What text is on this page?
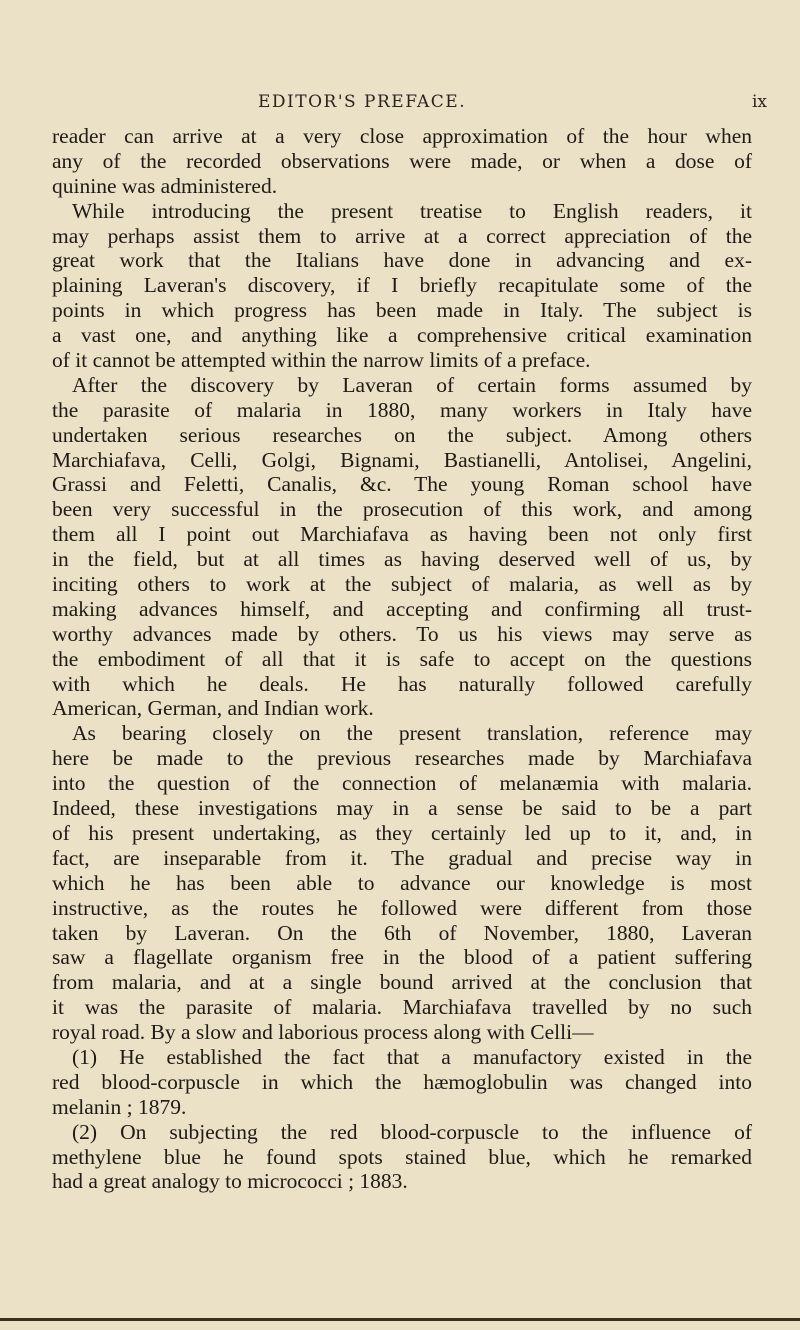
EDITOR'S PREFACE.	ix
reader can arrive at a very close approximation of the hour when
any of the recorded observations were made, or when a dose of
quinine was administered.
While introducing the present treatise to English readers, it
may perhaps assist them to arrive at a correct appreciation of the
great work that the Italians have done in advancing and ex-
plaining Laveran's discovery, if I briefly recapitulate some of the
points in which progress has been made in Italy. The subject is
a vast one, and anything like a comprehensive critical examination
of it cannot be attempted within the narrow limits of a preface.
After the discovery by Laveran of certain forms assumed by
the parasite of malaria in 1880, many workers in Italy have
undertaken serious researches on the subject. Among others
Marchiafava, Celli, Golgi, Bignami, Bastianelli, Antolisei, Angelini,
Grassi and Feletti, Canalis, &c. The young Roman school have
been very successful in the prosecution of this work, and among
them all I point out Marchiafava as having been not only first
in the field, but at all times as having deserved well of us, by
inciting others to work at the subject of malaria, as well as by
making advances himself, and accepting and confirming all trust-
worthy advances made by others. To us his views may serve as
the embodiment of all that it is safe to accept on the questions
with which he deals. He has naturally followed carefully
American, German, and Indian work.
As bearing closely on the present translation, reference may
here be made to the previous researches made by Marchiafava
into the question of the connection of melanæmia with malaria.
Indeed, these investigations may in a sense be said to be a part
of his present undertaking, as they certainly led up to it, and, in
fact, are inseparable from it. The gradual and precise way in
which he has been able to advance our knowledge is most
instructive, as the routes he followed were different from those
taken by Laveran. On the 6th of November, 1880, Laveran
saw a flagellate organism free in the blood of a patient suffering
from malaria, and at a single bound arrived at the conclusion that
it was the parasite of malaria. Marchiafava travelled by no such
royal road. By a slow and laborious process along with Celli—
(1) He established the fact that a manufactory existed in the
red blood-corpuscle in which the hæmoglobulin was changed into
melanin ; 1879.
(2) On subjecting the red blood-corpuscle to the influence of
methylene blue he found spots stained blue, which he remarked
had a great analogy to micrococci ; 1883.
